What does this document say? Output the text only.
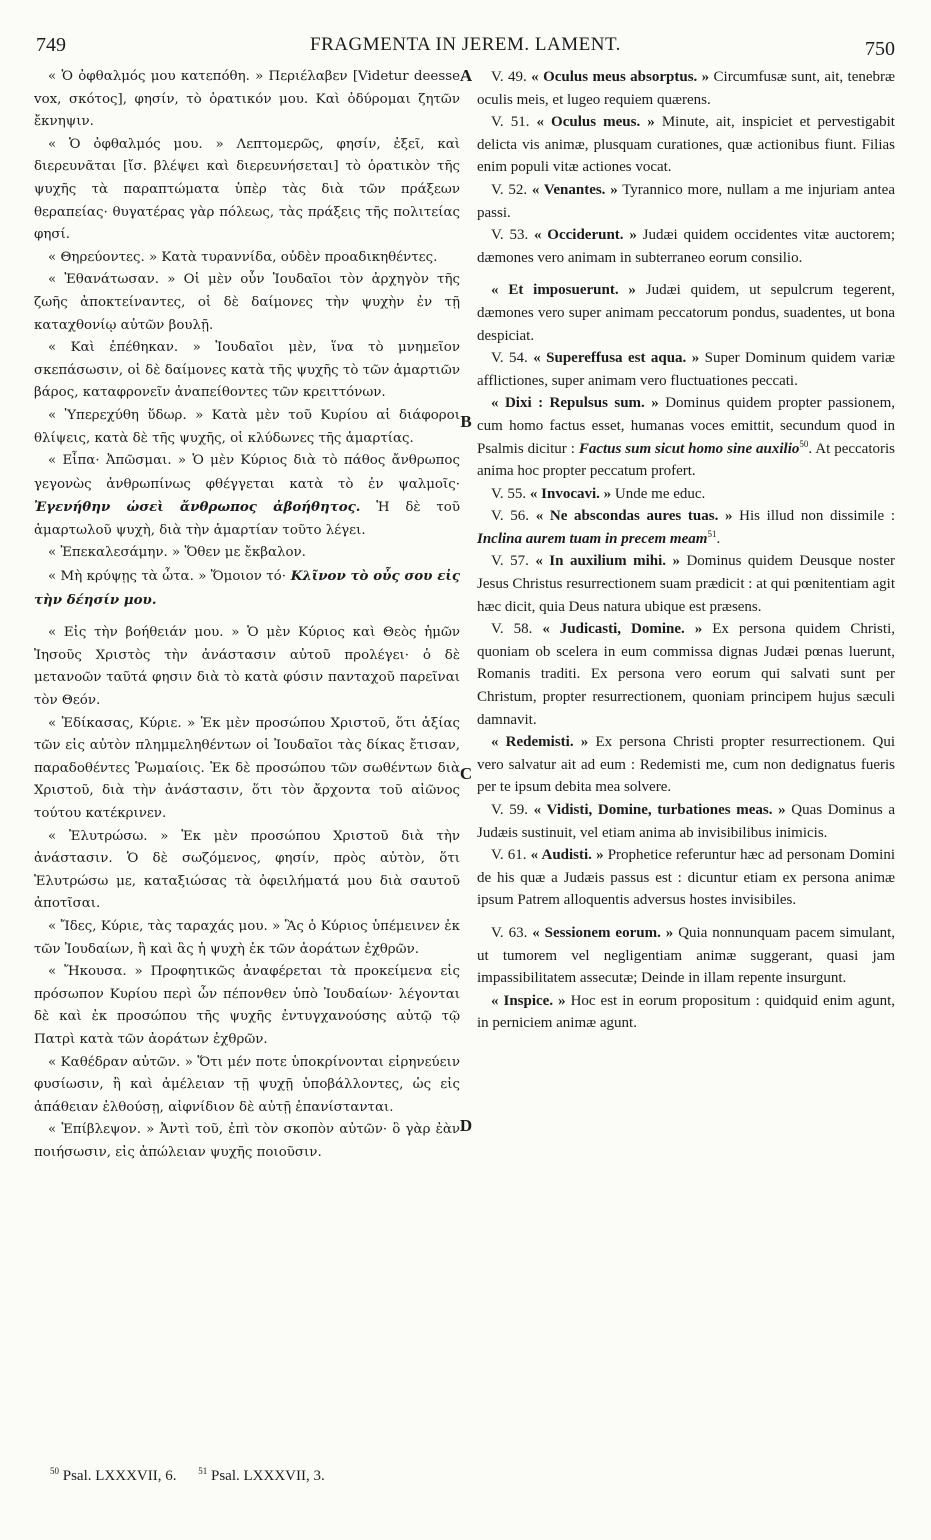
749	FRAGMENTA IN JEREM. LAMENT.	750

« Ὁ ὀφθαλμός μου κατεπόθη. » Περιέλαβεν [Videtur deesse vox, σκότος], φησίν, τὸ ὁρατικόν μου. Καὶ ὀδύρομαι ζητῶν ἔκνηψιν.

« Ὁ ὀφθαλμός μου. » Λεπτομερῶς, φησίν, ἐξεῖ, καὶ διερευνᾶται [ἴσ. βλέψει καὶ διερευνήσεται] τὸ ὁρατικὸν τῆς ψυχῆς τὰ παραπτώματα ὑπὲρ τὰς διὰ τῶν πράξεων θεραπείας· θυγατέρας γὰρ πόλεως, τὰς πράξεις τῆς πολιτείας φησί.

« Θηρεύοντες. » Κατὰ τυραννίδα, οὐδὲν προαδικηθέντες.

« Ἐθανάτωσαν. » Οἱ μὲν οὖν Ἰουδαῖοι τὸν ἀρχηγὸν τῆς ζωῆς ἀποκτείναντες, οἱ δὲ δαίμονες τὴν ψυχὴν ἐν τῇ καταχθονίῳ αὐτῶν βουλῇ.

« Καὶ ἐπέθηκαν. » Ἰουδαῖοι μὲν, ἵνα τὸ μνημεῖον σκεπάσωσιν, οἱ δὲ δαίμονες κατὰ τῆς ψυχῆς τὸ τῶν ἁμαρτιῶν βάρος, καταφρονεῖν ἀναπείθοντες τῶν κρειττόνων.

« Ὑπερεχύθη ὕδωρ. » Κατὰ μὲν τοῦ Κυρίου αἱ διάφοροι θλίψεις, κατὰ δὲ τῆς ψυχῆς, οἱ κλύδωνες τῆς ἁμαρτίας.

« Εἶπα· Ἀπῶσμαι. » Ὁ μὲν Κύριος διὰ τὸ πάθος ἄνθρωπος γεγονὼς ἀνθρωπίνως φθέγγεται κατὰ τὸ ἐν ψαλμοῖς· Ἐγενήθην ὡσεὶ ἄνθρωπος ἀβοήθητος. Ἡ δὲ τοῦ ἁμαρτωλοῦ ψυχὴ, διὰ τὴν ἁμαρτίαν τοῦτο λέγει.

« Ἐπεκαλεσάμην. » Ὅθεν με ἔκβαλον.

« Μὴ κρύψῃς τὰ ὦτα. » Ὅμοιον τό· Κλῖνον τὸ οὖς σου εἰς τὴν δέησίν μου.

« Εἰς τὴν βοήθειάν μου. » Ὁ μὲν Κύριος καὶ Θεὸς ἡμῶν Ἰησοῦς Χριστὸς τὴν ἀνάστασιν αὐτοῦ προλέγει· ὁ δὲ μετανοῶν ταῦτά φησιν διὰ τὸ κατὰ φύσιν πανταχοῦ παρεῖναι τὸν Θεόν.

« Ἐδίκασας, Κύριε. » Ἐκ μὲν προσώπου Χριστοῦ, ὅτι ἀξίας τῶν εἰς αὐτὸν πλημμεληθέντων οἱ Ἰουδαῖοι τὰς δίκας ἔτισαν, παραδοθέντες Ῥωμαίοις. Ἐκ δὲ προσώπου τῶν σωθέντων διὰ Χριστοῦ, διὰ τὴν ἀνάστασιν, ὅτι τὸν ἄρχοντα τοῦ αἰῶνος τούτου κατέκρινεν.

« Ἐλυτρώσω. » Ἐκ μὲν προσώπου Χριστοῦ διὰ τὴν ἀνάστασιν. Ὁ δὲ σωζόμενος, φησίν, πρὸς αὐτὸν, ὅτι Ἐλυτρώσω με, καταξιώσας τὰ ὀφειλήματά μου διὰ σαυτοῦ ἀποτῖσαι.

« Ἴδες, Κύριε, τὰς ταραχάς μου. » Ἃς ὁ Κύριος ὑπέμεινεν ἐκ τῶν Ἰουδαίων, ἢ καὶ ἃς ἡ ψυχὴ ἐκ τῶν ἀοράτων ἐχθρῶν.

« Ἤκουσα. » Προφητικῶς ἀναφέρεται τὰ προκείμενα εἰς πρόσωπον Κυρίου περὶ ὧν πέπονθεν ὑπὸ Ἰουδαίων· λέγονται δὲ καὶ ἐκ προσώπου τῆς ψυχῆς ἐντυγχανούσης αὐτῷ τῷ Πατρὶ κατὰ τῶν ἀοράτων ἐχθρῶν.

« Καθέδραν αὐτῶν. » Ὅτι μέν ποτε ὑποκρίνονται εἰρηνεύειν φυσίωσιν, ἢ καὶ ἀμέλειαν τῇ ψυχῇ ὑποβάλλοντες, ὡς εἰς ἀπάθειαν ἐλθούσῃ, αἰφνίδιον δὲ αὐτῇ ἐπανίστανται.

« Ἐπίβλεψον. » Ἀντὶ τοῦ, ἐπὶ τὸν σκοπὸν αὐτῶν· ὃ γὰρ ἐὰν ποιήσωσιν, εἰς ἀπώλειαν ψυχῆς ποιοῦσιν.

V. 49. « Oculus meus absorptus. » Circumfusæ sunt, ait, tenebræ oculis meis, et lugeo requiem quærens.

V. 51. « Oculus meus. » Minute, ait, inspiciet et pervestigabit delicta vis animæ, plusquam curationes, quæ actionibus fiunt. Filias enim populi vitæ actiones vocat.

V. 52. « Venantes. » Tyrannico more, nullam a me injuriam antea passi.

V. 53. « Occiderunt. » Judæi quidem occidentes vitæ auctorem; dæmones vero animam in subterraneo eorum consilio.

« Et imposuerunt. » Judæi quidem, ut sepulcrum tegerent, dæmones vero super animam peccatorum pondus, suadentes, ut bona despiciat.

V. 54. « Supereffusa est aqua. » Super Dominum quidem variæ afflictiones, super animam vero fluctuationes peccati.

« Dixi : Repulsus sum. » Dominus quidem propter passionem, cum homo factus esset, humanas voces emittit, secundum quod in Psalmis dicitur : Factus sum sicut homo sine auxilio$^{50}$. At peccatoris anima hoc propter peccatum profert.

V. 55. « Invocavi. » Unde me educ.

V. 56. « Ne abscondas aures tuas. » His illud non dissimile : Inclina aurem tuam in precem meam$^{51}$.

V. 57. « In auxilium mihi. » Dominus quidem Deusque noster Jesus Christus resurrectionem suam prædicit : at qui pœnitentiam agit hæc dicit, quia Deus natura ubique est præsens.

V. 58. « Judicasti, Domine. » Ex persona quidem Christi, quoniam ob scelera in eum commissa dignas Judæi pœnas luerunt, Romanis traditi. Ex persona vero eorum qui salvati sunt per Christum, propter resurrectionem, quoniam principem hujus sæculi damnavit.

« Redemisti. » Ex persona Christi propter resurrectionem. Qui vero salvatur ait ad eum : Redemisti me, cum non dedignatus fueris per te ipsum debita mea solvere.

V. 59. « Vidisti, Domine, turbationes meas. » Quas Dominus a Judæis sustinuit, vel etiam anima ab invisibilibus inimicis.

V. 61. « Audisti. » Prophetice referuntur hæc ad personam Domini de his quæ a Judæis passus est : dicuntur etiam ex persona animæ ipsum Patrem alloquentis adversus hostes invisibiles.

V. 63. « Sessionem eorum. » Quia nonnunquam pacem simulant, ut tumorem vel negligentiam animæ suggerant, quasi jam impassibilitatem assecutæ; Deinde in illam repente insurgunt.

« Inspice. » Hoc est in eorum propositum : quidquid enim agunt, in perniciem animæ agunt.

A
B
C
D
$^{50}$ Psal. LXXXVII, 6. $^{51}$ Psal. LXXXVII, 3.
